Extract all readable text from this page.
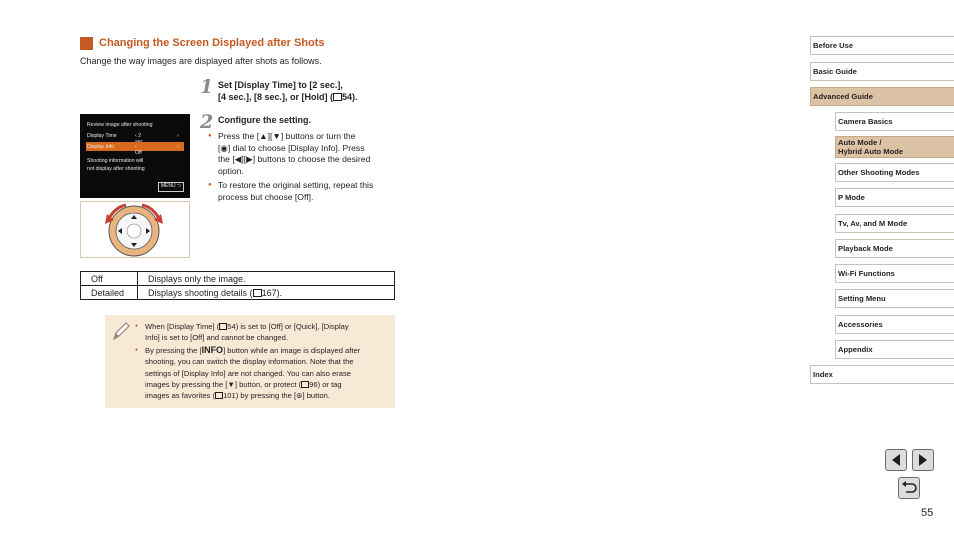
Changing the Screen Displayed after Shots
Change the way images are displayed after shots as follows.
1 Set [Display Time] to [2 sec.],
[4 sec.], [8 sec.], or [Hold] ( 54).
2 Configure the setting.
● Press the [▲][▼] buttons or turn the
[◉] dial to choose [Display Info]. Press
the [◀][▶] buttons to choose the desired
option.
● To restore the original setting, repeat this process but choose [Off].
Review image after shooting
Display Time	‹ 2	›
Display Info	‹ Off
›
Shooting information will
not display after shooting
MENU ⮌
Off	Displays only the image.
Detailed	Displays shooting details ( 167).
● When [Display Time] ( 54) is set to [Off] or [Quick], [Display
Info] is set to [Off] and cannot be changed.
● By pressing the [INFO] button while an image is displayed after
shooting, you can switch the display information. Note that the
settings of [Display Info] are not changed. You can also erase
images by pressing the [▼] button, or protect ( 96) or tag
images as favorites ( 101) by pressing the [⊛] button.
Before Use
Basic Guide
Advanced Guide
Camera Basics
Auto Mode /
Hybrid Auto Mode
Other Shooting Modes
P Mode
Tv, Av, and M Mode
Playback Mode
Wi-Fi Functions
Setting Menu
Accessories
Appendix
Index
55
